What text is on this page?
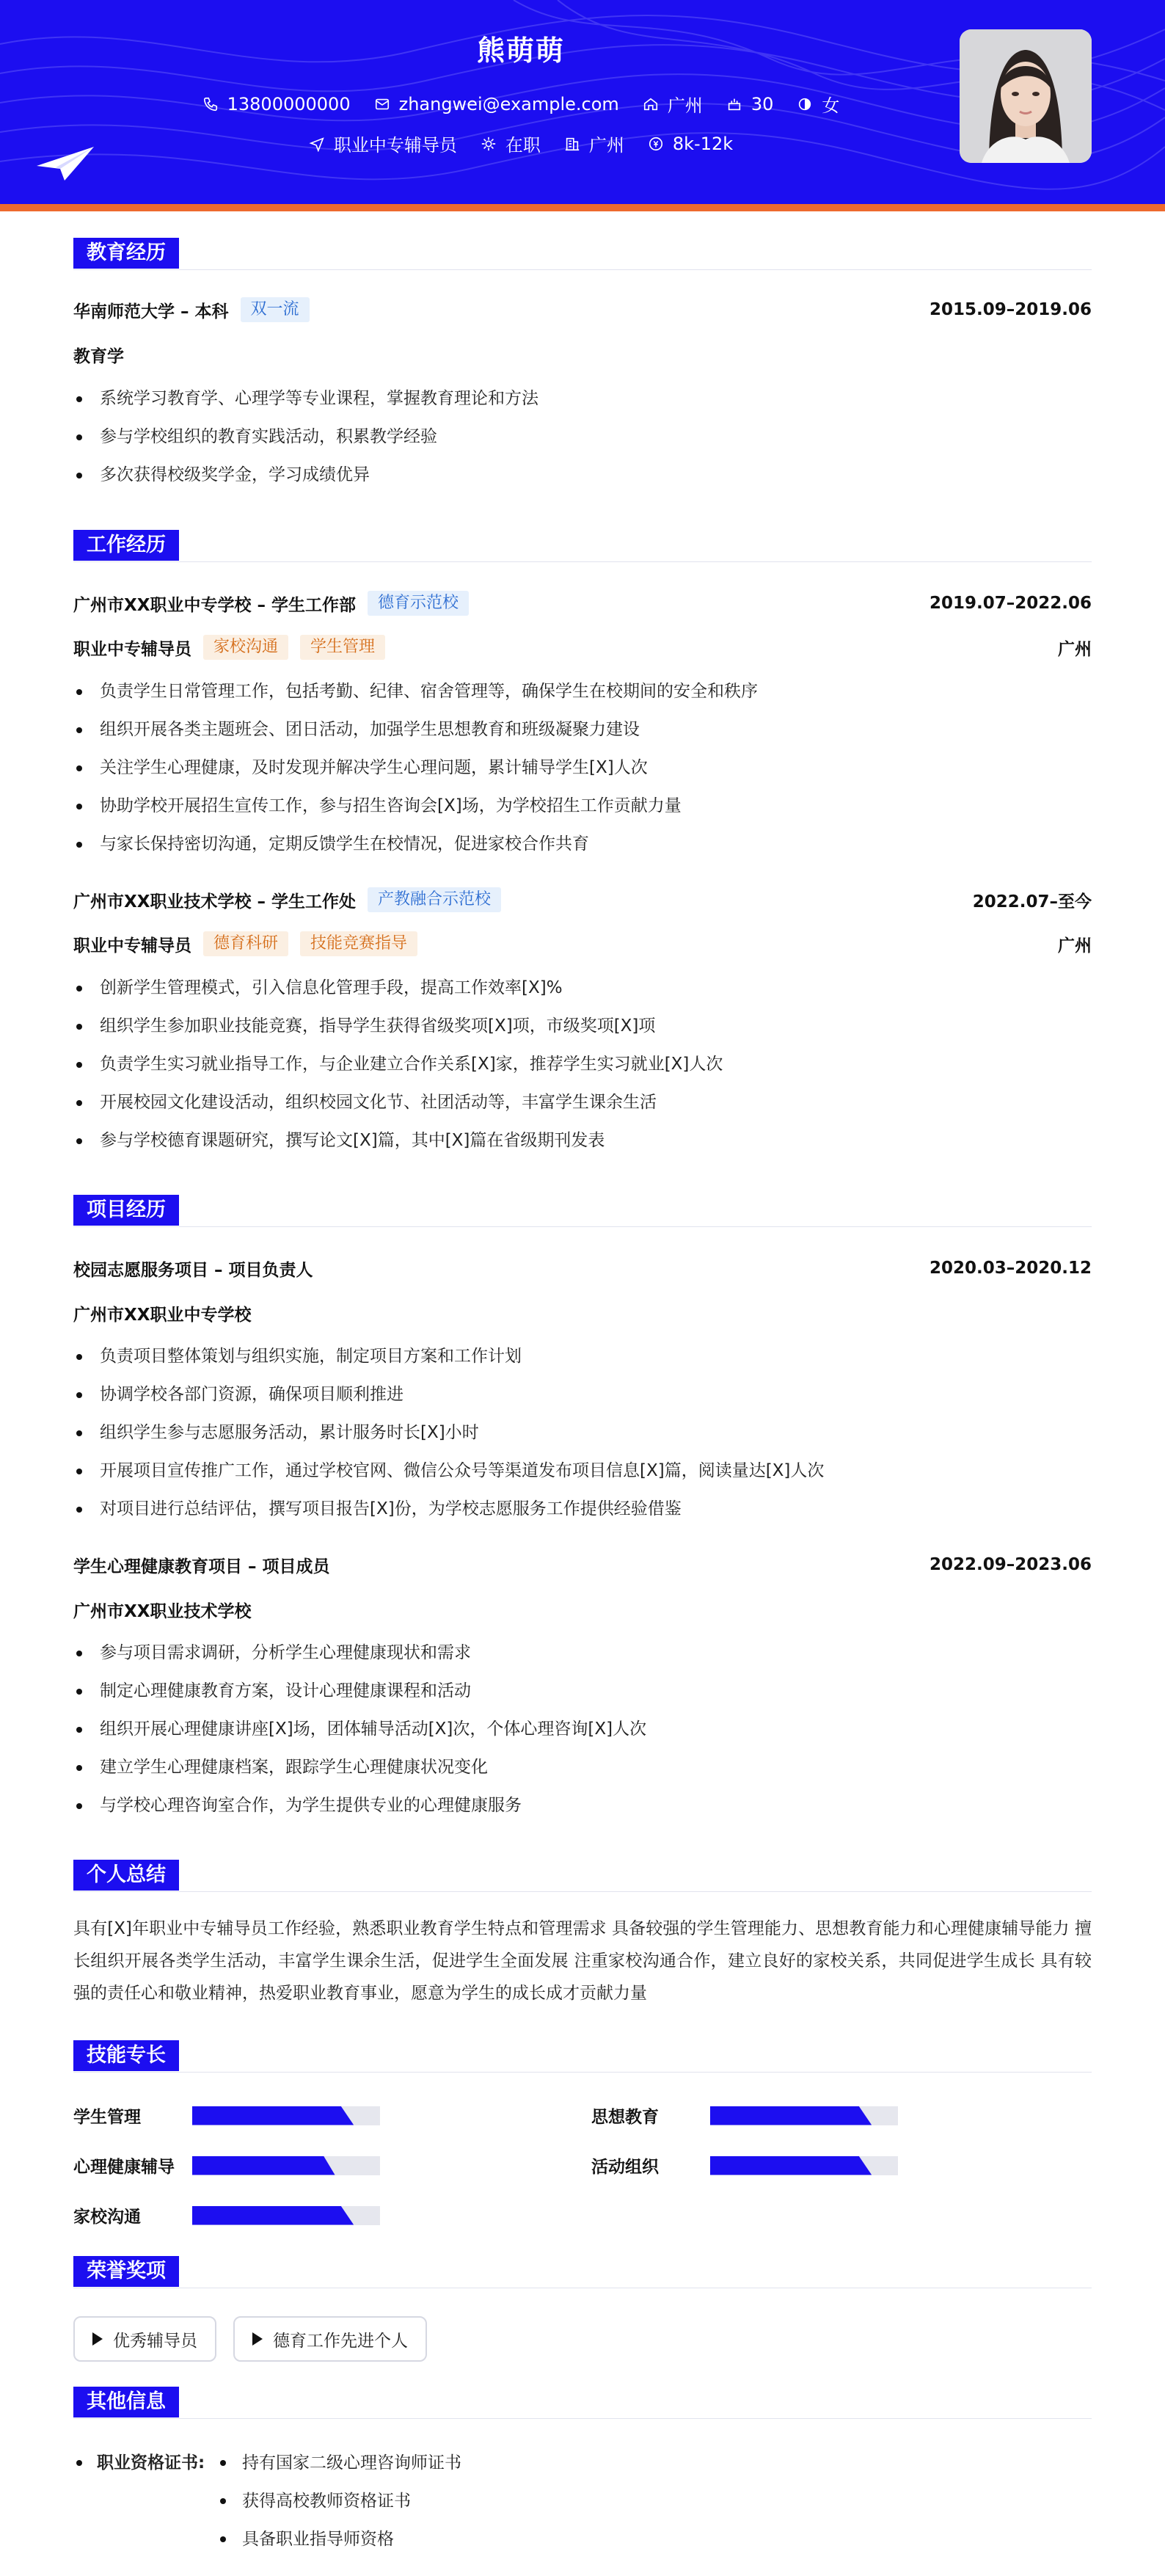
熊萌萌
13800000000	zhangwei@example.com	广州	30	女
职业中专辅导员	在职	广州	8k-12k
教育经历
华南师范大学 – 本科	双一流	2015.09–2019.06
教育学
系统学习教育学、心理学等专业课程，掌握教育理论和方法
参与学校组织的教育实践活动，积累教学经验
多次获得校级奖学金，学习成绩优异
工作经历
广州市XX职业中专学校 – 学生工作部	德育示范校	2019.07–2022.06
职业中专辅导员	家校沟通	学生管理	广州
负责学生日常管理工作，包括考勤、纪律、宿舍管理等，确保学生在校期间的安全和秩序
组织开展各类主题班会、团日活动，加强学生思想教育和班级凝聚力建设
关注学生心理健康，及时发现并解决学生心理问题，累计辅导学生[X]人次
协助学校开展招生宣传工作，参与招生咨询会[X]场，为学校招生工作贡献力量
与家长保持密切沟通，定期反馈学生在校情况，促进家校合作共育
广州市XX职业技术学校 – 学生工作处	产教融合示范校	2022.07–至今
职业中专辅导员	德育科研	技能竞赛指导	广州
创新学生管理模式，引入信息化管理手段，提高工作效率[X]%
组织学生参加职业技能竞赛，指导学生获得省级奖项[X]项，市级奖项[X]项
负责学生实习就业指导工作，与企业建立合作关系[X]家，推荐学生实习就业[X]人次
开展校园文化建设活动，组织校园文化节、社团活动等，丰富学生课余生活
参与学校德育课题研究，撰写论文[X]篇，其中[X]篇在省级期刊发表
项目经历
校园志愿服务项目 – 项目负责人	2020.03–2020.12
广州市XX职业中专学校
负责项目整体策划与组织实施，制定项目方案和工作计划
协调学校各部门资源，确保项目顺利推进
组织学生参与志愿服务活动，累计服务时长[X]小时
开展项目宣传推广工作，通过学校官网、微信公众号等渠道发布项目信息[X]篇，阅读量达[X]人次
对项目进行总结评估，撰写项目报告[X]份，为学校志愿服务工作提供经验借鉴
学生心理健康教育项目 – 项目成员	2022.09–2023.06
广州市XX职业技术学校
参与项目需求调研，分析学生心理健康现状和需求
制定心理健康教育方案，设计心理健康课程和活动
组织开展心理健康讲座[X]场，团体辅导活动[X]次，个体心理咨询[X]人次
建立学生心理健康档案，跟踪学生心理健康状况变化
与学校心理咨询室合作，为学生提供专业的心理健康服务
个人总结
具有[X]年职业中专辅导员工作经验，熟悉职业教育学生特点和管理需求 具备较强的学生管理能力、思想教育能力和心理健康辅导能力 擅长组织开展各类学生活动，丰富学生课余生活，促进学生全面发展 注重家校沟通合作，建立良好的家校关系，共同促进学生成长 具有较强的责任心和敬业精神，热爱职业教育事业，愿意为学生的成长成才贡献力量
技能专长
学生管理	思想教育
心理健康辅导	活动组织
家校沟通
荣誉奖项
优秀辅导员	德育工作先进个人
其他信息
职业资格证书:	持有国家二级心理咨询师证书
获得高校教师资格证书
具备职业指导师资格
